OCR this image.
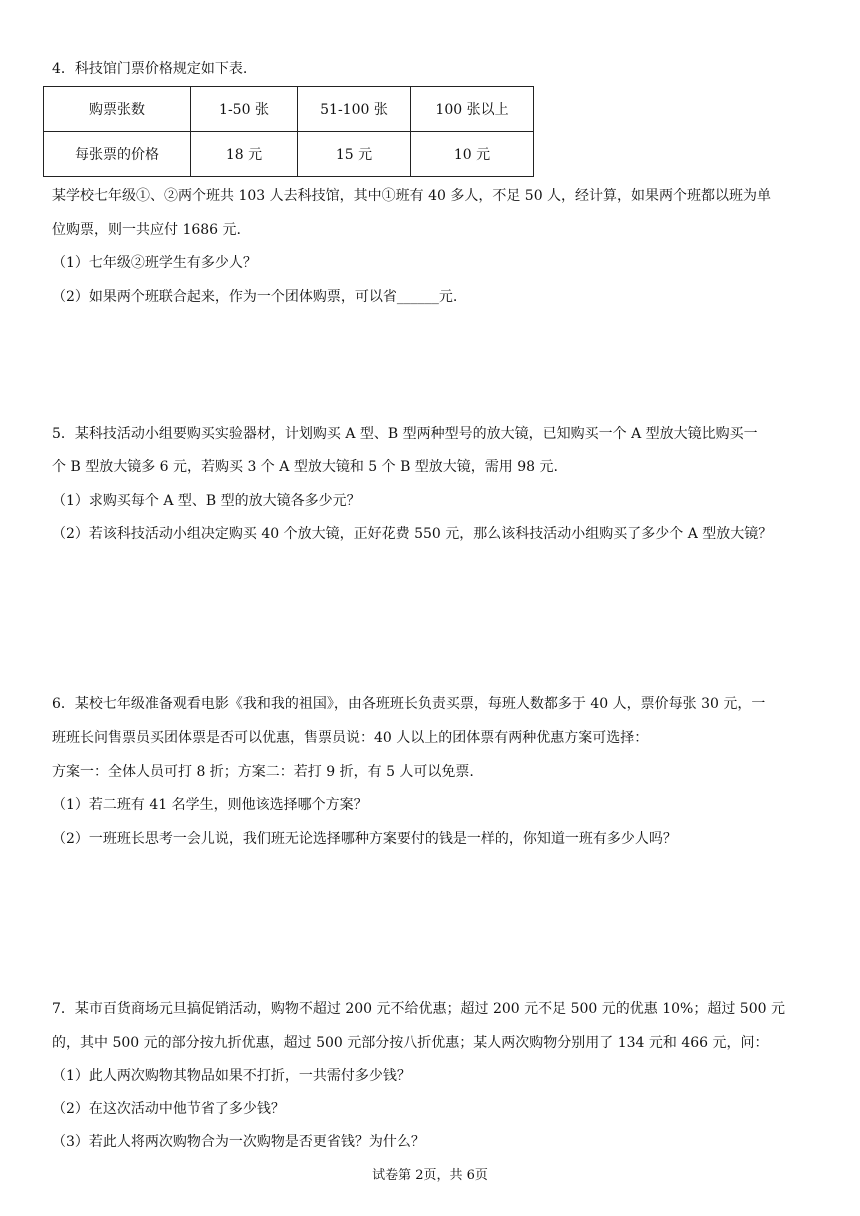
4．科技馆门票价格规定如下表.
购票张数	1-50 张	51-100 张	100 张以上
每张票的价格	18 元	15 元	10 元
某学校七年级①、②两个班共 103 人去科技馆，其中①班有 40 多人，不足 50 人，经计算，如果两个班都以班为单
位购票，则一共应付 1686 元.
（1）七年级②班学生有多少人？
（2）如果两个班联合起来，作为一个团体购票，可以省______元.
5．某科技活动小组要购买实验器材，计划购买 A 型、B 型两种型号的放大镜，已知购买一个 A 型放大镜比购买一
个 B 型放大镜多 6 元，若购买 3 个 A 型放大镜和 5 个 B 型放大镜，需用 98 元.
（1）求购买每个 A 型、B 型的放大镜各多少元？
（2）若该科技活动小组决定购买 40 个放大镜，正好花费 550 元，那么该科技活动小组购买了多少个 A 型放大镜？
6．某校七年级准备观看电影《我和我的祖国》，由各班班长负责买票，每班人数都多于 40 人，票价每张 30 元，一
班班长问售票员买团体票是否可以优惠，售票员说：40 人以上的团体票有两种优惠方案可选择：
方案一：全体人员可打 8 折；方案二：若打 9 折，有 5 人可以免票.
（1）若二班有 41 名学生，则他该选择哪个方案？
（2）一班班长思考一会儿说，我们班无论选择哪种方案要付的钱是一样的，你知道一班有多少人吗？
7．某市百货商场元旦搞促销活动，购物不超过 200 元不给优惠；超过 200 元不足 500 元的优惠 10%；超过 500 元
的，其中 500 元的部分按九折优惠，超过 500 元部分按八折优惠；某人两次购物分别用了 134 元和 466 元，问：
（1）此人两次购物其物品如果不打折，一共需付多少钱？
（2）在这次活动中他节省了多少钱？
（3）若此人将两次购物合为一次购物是否更省钱？为什么？
试卷第 2页，共 6页
